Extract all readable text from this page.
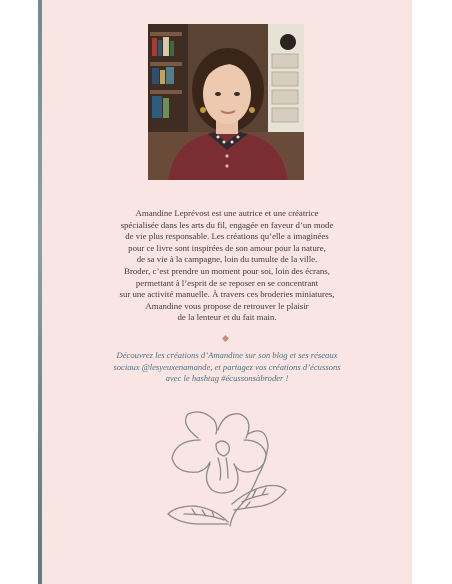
Amandine Leprévost est une autrice et une créatrice
spécialisée dans les arts du fil, engagée en faveur d’un mode
de vie plus responsable. Les créations qu’elle a imaginées
pour ce livre sont inspirées de son amour pour la nature,
de sa vie à la campagne, loin du tumulte de la ville.
Broder, c’est prendre un moment pour soi, loin des écrans,
permettant à l’esprit de se reposer en se concentrant
sur une activité manuelle. À travers ces broderies miniatures,
Amandine vous propose de retrouver le plaisir
de la lenteur et du fait main.
Découvrez les créations d’Amandine sur son blog et ses réseaux
sociaux @lesyeuxenamande, et partagez vos créations d’écussons
avec le hashtag #écussonsàbroder !
